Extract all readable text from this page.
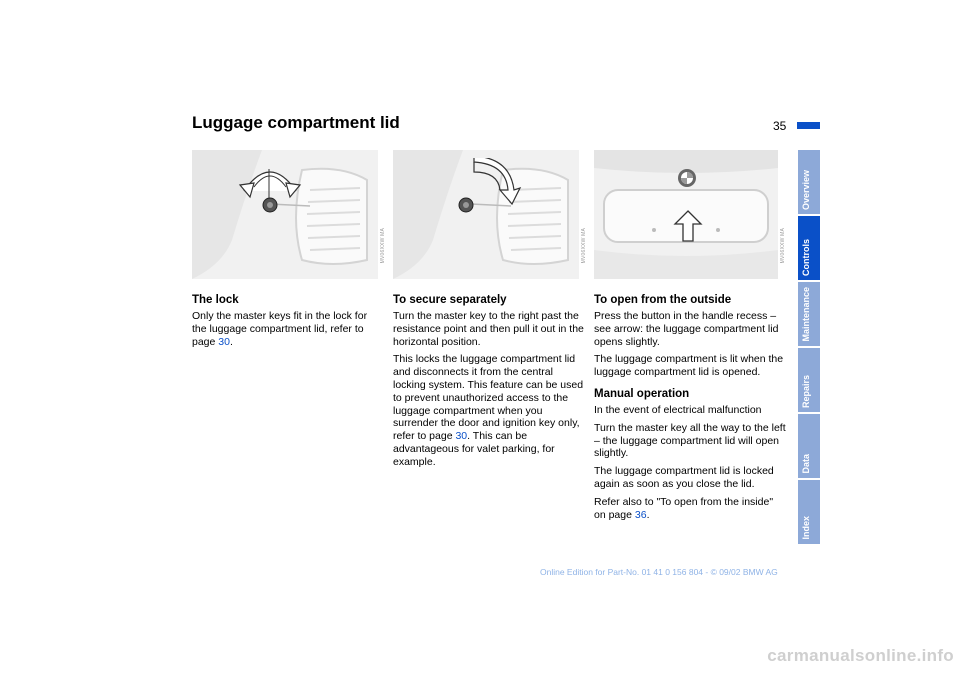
Luggage compartment lid	35
MV06XXW MA	MV06XXW MA	MV06XXW MA
The lock

Only the master keys fit in the lock for the luggage compartment lid, refer to page 30.

To secure separately

Turn the master key to the right past the resistance point and then pull it out in the horizontal position.

This locks the luggage compartment lid and disconnects it from the central locking system. This feature can be used to prevent unauthorized access to the luggage compartment when you surrender the door and ignition key only, refer to page 30. This can be advantageous for valet parking, for example.

To open from the outside

Press the button in the handle recess – see arrow: the luggage compartment lid opens slightly.

The luggage compartment is lit when the luggage compartment lid is opened.

Manual operation

In the event of electrical malfunction

Turn the master key all the way to the left – the luggage compartment lid will open slightly.

The luggage compartment lid is locked again as soon as you close the lid.

Refer also to "To open from the inside" on page 36.

Overview
Controls
Maintenance
Repairs
Data
Index
Online Edition for Part-No. 01 41 0 156 804 - © 09/02 BMW AG
carmanualsonline.info
